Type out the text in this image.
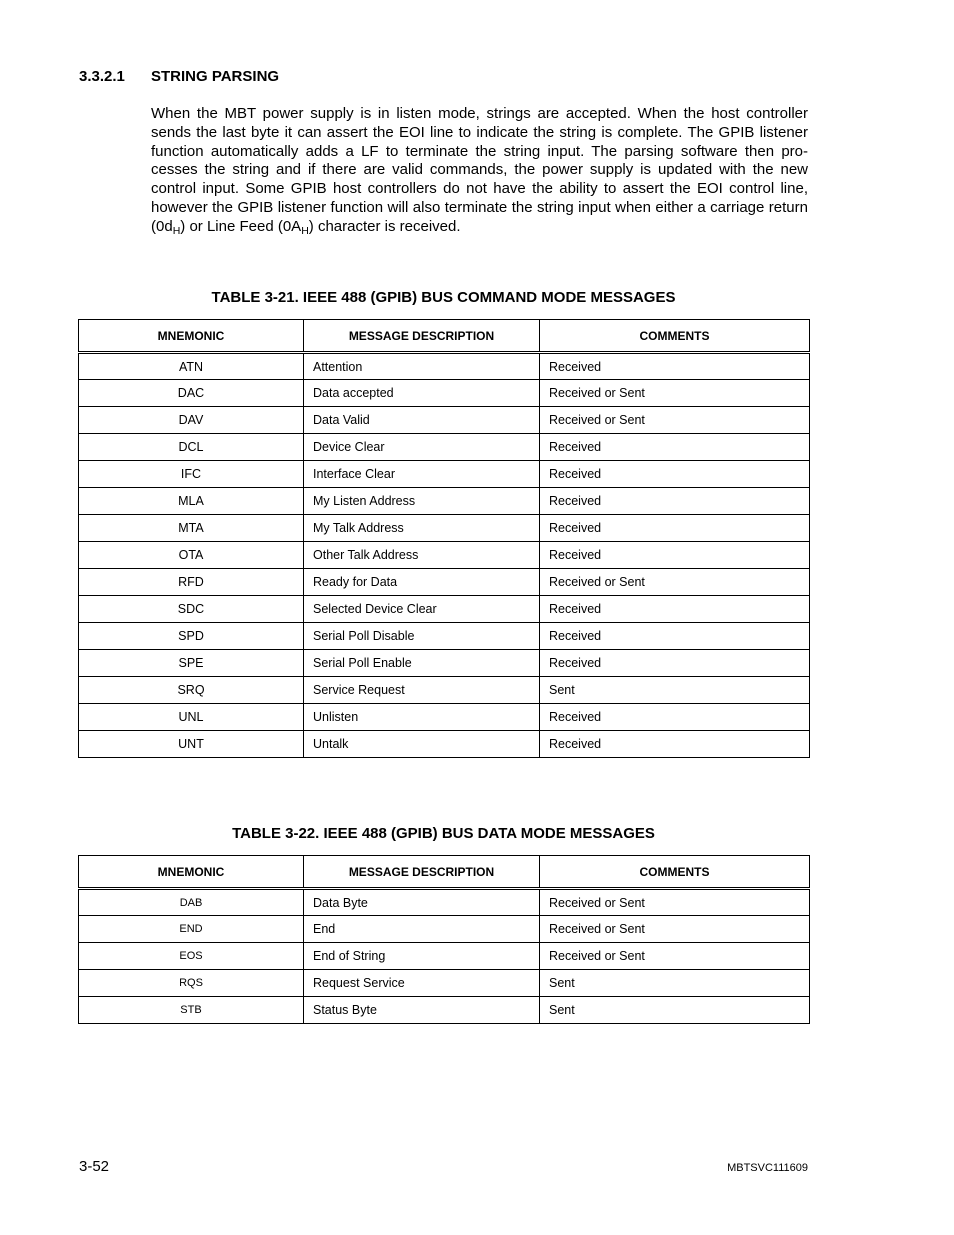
3.3.2.1 STRING PARSING

When the MBT power supply is in listen mode, strings are accepted. When the host controller sends the last byte it can assert the EOI line to indicate the string is complete. The GPIB listener function automatically adds a LF to terminate the string input. The parsing software then pro-cesses the string and if there are valid commands, the power supply is updated with the new control input. Some GPIB host controllers do not have the ability to assert the EOI control line, however the GPIB listener function will also terminate the string input when either a carriage return $(0d_H)$ or Line Feed $(0A_H)$ character is received.

TABLE 3-21. IEEE 488 (GPIB) BUS COMMAND MODE MESSAGES
MNEMONIC	MESSAGE DESCRIPTION	COMMENTS
ATN	Attention	Received
DAC	Data accepted	Received or Sent
DAV	Data Valid	Received or Sent
DCL	Device Clear	Received
IFC	Interface Clear	Received
MLA	My Listen Address	Received
MTA	My Talk Address	Received
OTA	Other Talk Address	Received
RFD	Ready for Data	Received or Sent
SDC	Selected Device Clear	Received
SPD	Serial Poll Disable	Received
SPE	Serial Poll Enable	Received
SRQ	Service Request	Sent
UNL	Unlisten	Received
UNT	Untalk	Received
TABLE 3-22. IEEE 488 (GPIB) BUS DATA MODE MESSAGES
MNEMONIC	MESSAGE DESCRIPTION	COMMENTS
DAB	Data Byte	Received or Sent
END	End	Received or Sent
EOS	End of String	Received or Sent
RQS	Request Service	Sent
STB	Status Byte	Sent
3-52	MBTSVC111609
